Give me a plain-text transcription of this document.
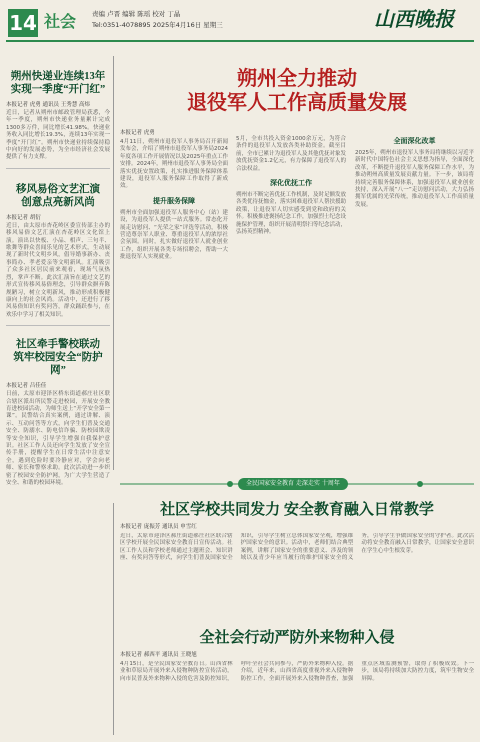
14 社会 责编 卢晋 编辑 陈瑶 校对 丁晶
Tel:0351-4078895 2025年4月16日 星期三	山西晚报

朔州快递业连续13年

实现一季度“开门红”

本报记者 虎勇 通讯员 王秀慧 高炜

近日，记者从朔州市邮政管理局获悉，今年一季度，朔州市快递业务量累计完成1300多万件，同比增长41.98%。快递业务收入同比增长19.3%，连续13年实现一季度“开门红”。朔州市快递业持续保持稳中向好的发展态势，为全市经济社会发展提供了有力支撑。

移风易俗文艺汇演

创意点亮新风尚

本报记者 胡衍

近日，由太原市杏花岭区委宣传部主办的移风易俗文艺汇演在杏花岭区文化馆上演。演出以快板、小品、相声、三句半、歌舞等群众喜闻乐见的艺术形式，生动展现了新时代文明乡风，倡导婚事新办、丧事简办、孝老爱亲等文明新风。汇演吸引了众多社区居民前来观看，现场气氛热烈，掌声不断。此次汇演旨在通过文艺的形式宣传移风易俗理念，引导群众摒弃陈规陋习，树立文明新风，推动形成积极健康向上的社会风尚。活动中，还进行了移风易俗知识有奖问答，群众踊跃参与，在欢乐中学习了相关知识。

社区牵手警校联动

筑牢校园安全“防护网”

本报记者 吕佳佳

日前，太原市迎泽区桥东街道郝庄社区联合辖区派出所民警走进校园，开展安全教育进校园活动，为师生送上“开学安全第一课”。民警结合真实案例，通过讲解、演示、互动问答等方式，向学生们普及交通安全、防溺水、防电信诈骗、防校园欺凌等安全知识，引导学生增强自我保护意识。社区工作人员还向学生发放了安全宣传手册，提醒学生在日常生活中注意安全，遇到危险时要冷静应对，学会向老师、家长和警察求助。此次活动进一步织密了校园安全防护网，为广大学生营造了安全、和谐的校园环境。

朔州全力推动
退役军人工作高质量发展
本报记者 虎勇

4月11日，朔州市退役军人事务局召开新闻发布会，介绍了朔州市退役军人事务局2024年度各项工作开展情况以及2025年重点工作安排。2024年，朔州市退役军人事务局全面落实优抚安置政策，扎实推进服务保障体系建设，退役军人服务保障工作取得了新成效。

提升服务保障

朔州市全面加强退役军人服务中心（站）建设，为退役军人提供一站式服务。常态化开展走访慰问、“光荣之家”评选等活动，积极营造尊崇军人职业、尊重退役军人的浓厚社会氛围。同时，扎实做好退役军人就业创业工作，组织开展各类专场招聘会，帮助一大批退役军人实现就业。

5月，全市共投入资金1000余万元，为符合条件的退役军人发放各类补助资金。截至目前，全市已累计为退役军人及其他优抚对象发放优抚资金1.2亿元，有力保障了退役军人的合法权益。

深化优抚工作

朔州市不断完善优抚工作机制，及时足额发放各类优待抚恤金，落实困难退役军人帮扶援助政策，让退役军人切实感受到党和政府的关怀。积极推进褒扬纪念工作，加强烈士纪念设施保护管理，组织开展清明祭扫等纪念活动，弘扬英烈精神。

全面深化改革

2025年，朔州市退役军人事务局将继续以习近平新时代中国特色社会主义思想为指导，全面深化改革，不断提升退役军人服务保障工作水平，为推动朔州高质量发展贡献力量。下一步，该局将持续完善服务保障体系，加强退役军人就业创业扶持，深入开展“八一”走访慰问活动，大力弘扬拥军优属的光荣传统，推动退役军人工作高质量发展。

全民国家安全教育 走深走实 十周年
社区学校共同发力 安全教育融入日常教学
本报记者 庞振芳 通讯员 申雪红

近日，太原市迎泽区郝庄街道郝庄社区联合辖区学校开展全民国家安全教育日宣传活动。社区工作人员和学校老师通过主题班会、知识讲座、有奖问答等形式，向学生们普及国家安全知识，引导学生树立总体国家安全观，增强维护国家安全的意识。活动中，老师们结合典型案例，讲解了国家安全的重要意义、涉及的领域以及青少年应当履行的维护国家安全的义务，引导学生争做国家安全的守护者。此次活动将安全教育融入日常教学，让国家安全意识在学生心中生根发芽。

全社会行动严防外来物种入侵
本报记者 郝西平 通讯员 王晓旭

4月15日，是全民国家安全教育日。山西省林业和草原局开展外来入侵物种防控宣传活动，向市民普及外来物种入侵的危害及防控知识，呼吁全社会共同参与，严防外来物种入侵。据介绍，近年来，山西省高度重视外来入侵物种防控工作，全面开展外来入侵物种普查，加强重点区域监测预警，取得了积极成效。下一步，该局将持续加大防控力度，筑牢生物安全屏障。
